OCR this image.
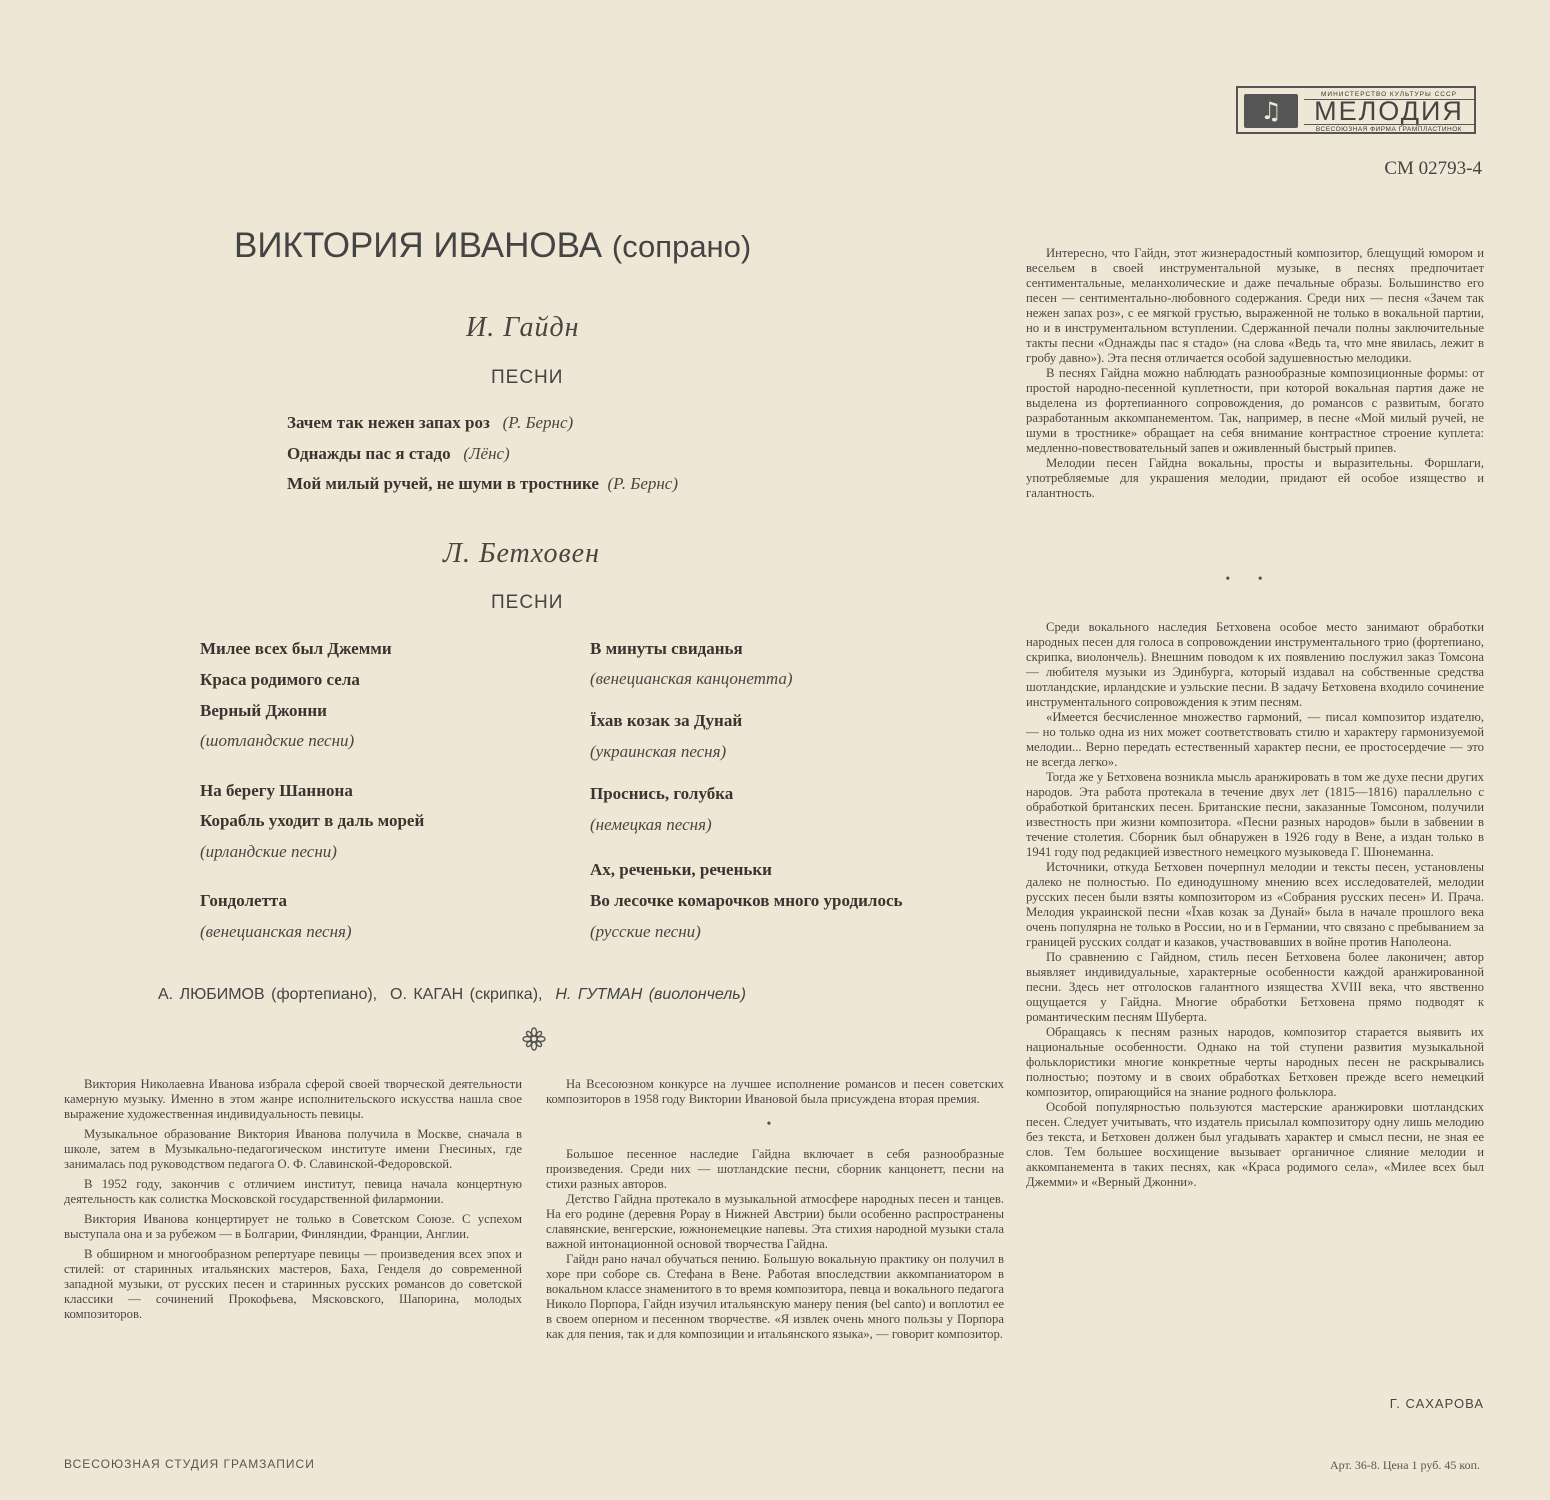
♫
МИНИСТЕРСТВО КУЛЬТУРЫ СССР
МЕЛОДИЯ
ВСЕСОЮЗНАЯ ФИРМА ГРАМПЛАСТИНОК
СМ 02793-4
ВИКТОРИЯ ИВАНОВА (сопрано)
И. Гайдн
ПЕСНИ
Зачем так нежен запах роз (Р. Бернс)
Однажды пас я стадо (Лёнс)
Мой милый ручей, не шуми в тростнике (Р. Бернс)
Л. Бетховен
ПЕСНИ
Милее всех был Джемми
Краса родимого села
Верный Джонни
(шотландские песни)
На берегу Шаннона
Корабль уходит в даль морей
(ирландские песни)
Гондолетта
(венецианская песня)
В минуты свиданья
(венецианская канцонетта)
Їхав козак за Дунай
(украинская песня)
Проснись, голубка
(немецкая песня)
Ах, реченьки, реченьки
Во лесочке комарочков много уродилось
(русские песни)
А. ЛЮБИМОВ (фортепиано), О. КАГАН (скрипка), Н. ГУТМАН (виолончель)

Виктория Николаевна Иванова избрала сферой своей творческой деятельности камерную музыку. Именно в этом жанре исполнительского искусства нашла свое выражение художественная индивидуальность певицы.

Музыкальное образование Виктория Иванова получила в Москве, сначала в школе, затем в Музыкально-педагогическом институте имени Гнесиных, где занималась под руководством педагога О. Ф. Славинской-Федоровской.

В 1952 году, закончив с отличием институт, певица начала концертную деятельность как солистка Московской государственной филармонии.

Виктория Иванова концертирует не только в Советском Союзе. С успехом выступала она и за рубежом — в Болгарии, Финляндии, Франции, Англии.

В обширном и многообразном репертуаре певицы — произведения всех эпох и стилей: от старинных итальянских мастеров, Баха, Генделя до современной западной музыки, от русских песен и старинных русских романсов до советской классики — сочинений Прокофьева, Мясковского, Шапорина, молодых композиторов.

На Всесоюзном конкурсе на лучшее исполнение романсов и песен советских композиторов в 1958 году Виктории Ивановой была присуждена вторая премия.

•

Большое песенное наследие Гайдна включает в себя разнообразные произведения. Среди них — шотландские песни, сборник канцонетт, песни на стихи разных авторов.

Детство Гайдна протекало в музыкальной атмосфере народных песен и танцев. На его родине (деревня Рорау в Нижней Австрии) были особенно распространены славянские, венгерские, южнонемецкие напевы. Эта стихия народной музыки стала важной интонационной основой творчества Гайдна.

Гайдн рано начал обучаться пению. Большую вокальную практику он получил в хоре при соборе св. Стефана в Вене. Работая впоследствии аккомпаниатором в вокальном классе знаменитого в то время композитора, певца и вокального педагога Николо Порпора, Гайдн изучил итальянскую манеру пения (bel canto) и воплотил ее в своем оперном и песенном творчестве. «Я извлек очень много пользы у Порпора как для пения, так и для композиции и итальянского языка», — говорит композитор.

Интересно, что Гайдн, этот жизнерадостный композитор, блещущий юмором и весельем в своей инструментальной музыке, в песнях предпочитает сентиментальные, меланхолические и даже печальные образы. Большинство его песен — сентиментально-любовного содержания. Среди них — песня «Зачем так нежен запах роз», с ее мягкой грустью, выраженной не только в вокальной партии, но и в инструментальном вступлении. Сдержанной печали полны заключительные такты песни «Однажды пас я стадо» (на слова «Ведь та, что мне явилась, лежит в гробу давно»). Эта песня отличается особой задушевностью мелодики.

В песнях Гайдна можно наблюдать разнообразные композиционные формы: от простой народно-песенной куплетности, при которой вокальная партия даже не выделена из фортепианного сопровождения, до романсов с развитым, богато разработанным аккомпанементом. Так, например, в песне «Мой милый ручей, не шуми в тростнике» обращает на себя внимание контрастное строение куплета: медленно-повествовательный запев и оживленный быстрый припев.

Мелодии песен Гайдна вокальны, просты и выразительны. Форшлаги, употребляемые для украшения мелодии, придают ей особое изящество и галантность.

• •

Среди вокального наследия Бетховена особое место занимают обработки народных песен для голоса в сопровождении инструментального трио (фортепиано, скрипка, виолончель). Внешним поводом к их появлению послужил заказ Томсона — любителя музыки из Эдинбурга, который издавал на собственные средства шотландские, ирландские и уэльские песни. В задачу Бетховена входило сочинение инструментального сопровождения к этим песням.

«Имеется бесчисленное множество гармоний, — писал композитор издателю, — но только одна из них может соответствовать стилю и характеру гармонизуемой мелодии... Верно передать естественный характер песни, ее простосердечие — это не всегда легко».

Тогда же у Бетховена возникла мысль аранжировать в том же духе песни других народов. Эта работа протекала в течение двух лет (1815—1816) параллельно с обработкой британских песен. Британские песни, заказанные Томсоном, получили известность при жизни композитора. «Песни разных народов» были в забвении в течение столетия. Сборник был обнаружен в 1926 году в Вене, а издан только в 1941 году под редакцией известного немецкого музыковеда Г. Шюнеманна.

Источники, откуда Бетховен почерпнул мелодии и тексты песен, установлены далеко не полностью. По единодушному мнению всех исследователей, мелодии русских песен были взяты композитором из «Собрания русских песен» И. Прача. Мелодия украинской песни «Їхав козак за Дунай» была в начале прошлого века очень популярна не только в России, но и в Германии, что связано с пребыванием за границей русских солдат и казаков, участвовавших в войне против Наполеона.

По сравнению с Гайдном, стиль песен Бетховена более лаконичен; автор выявляет индивидуальные, характерные особенности каждой аранжированной песни. Здесь нет отголосков галантного изящества XVIII века, что явственно ощущается у Гайдна. Многие обработки Бетховена прямо подводят к романтическим песням Шуберта.

Обращаясь к песням разных народов, композитор старается выявить их национальные особенности. Однако на той ступени развития музыкальной фольклористики многие конкретные черты народных песен не раскрывались полностью; поэтому и в своих обработках Бетховен прежде всего немецкий композитор, опирающийся на знание родного фольклора.

Особой популярностью пользуются мастерские аранжировки шотландских песен. Следует учитывать, что издатель присылал композитору одну лишь мелодию без текста, и Бетховен должен был угадывать характер и смысл песни, не зная ее слов. Тем большее восхищение вызывает органичное слияние мелодии и аккомпанемента в таких песнях, как «Краса родимого села», «Милее всех был Джемми» и «Верный Джонни».

Г. САХАРОВА
ВСЕСОЮЗНАЯ СТУДИЯ ГРАМЗАПИСИ	Арт. 36-8. Цена 1 руб. 45 коп.
